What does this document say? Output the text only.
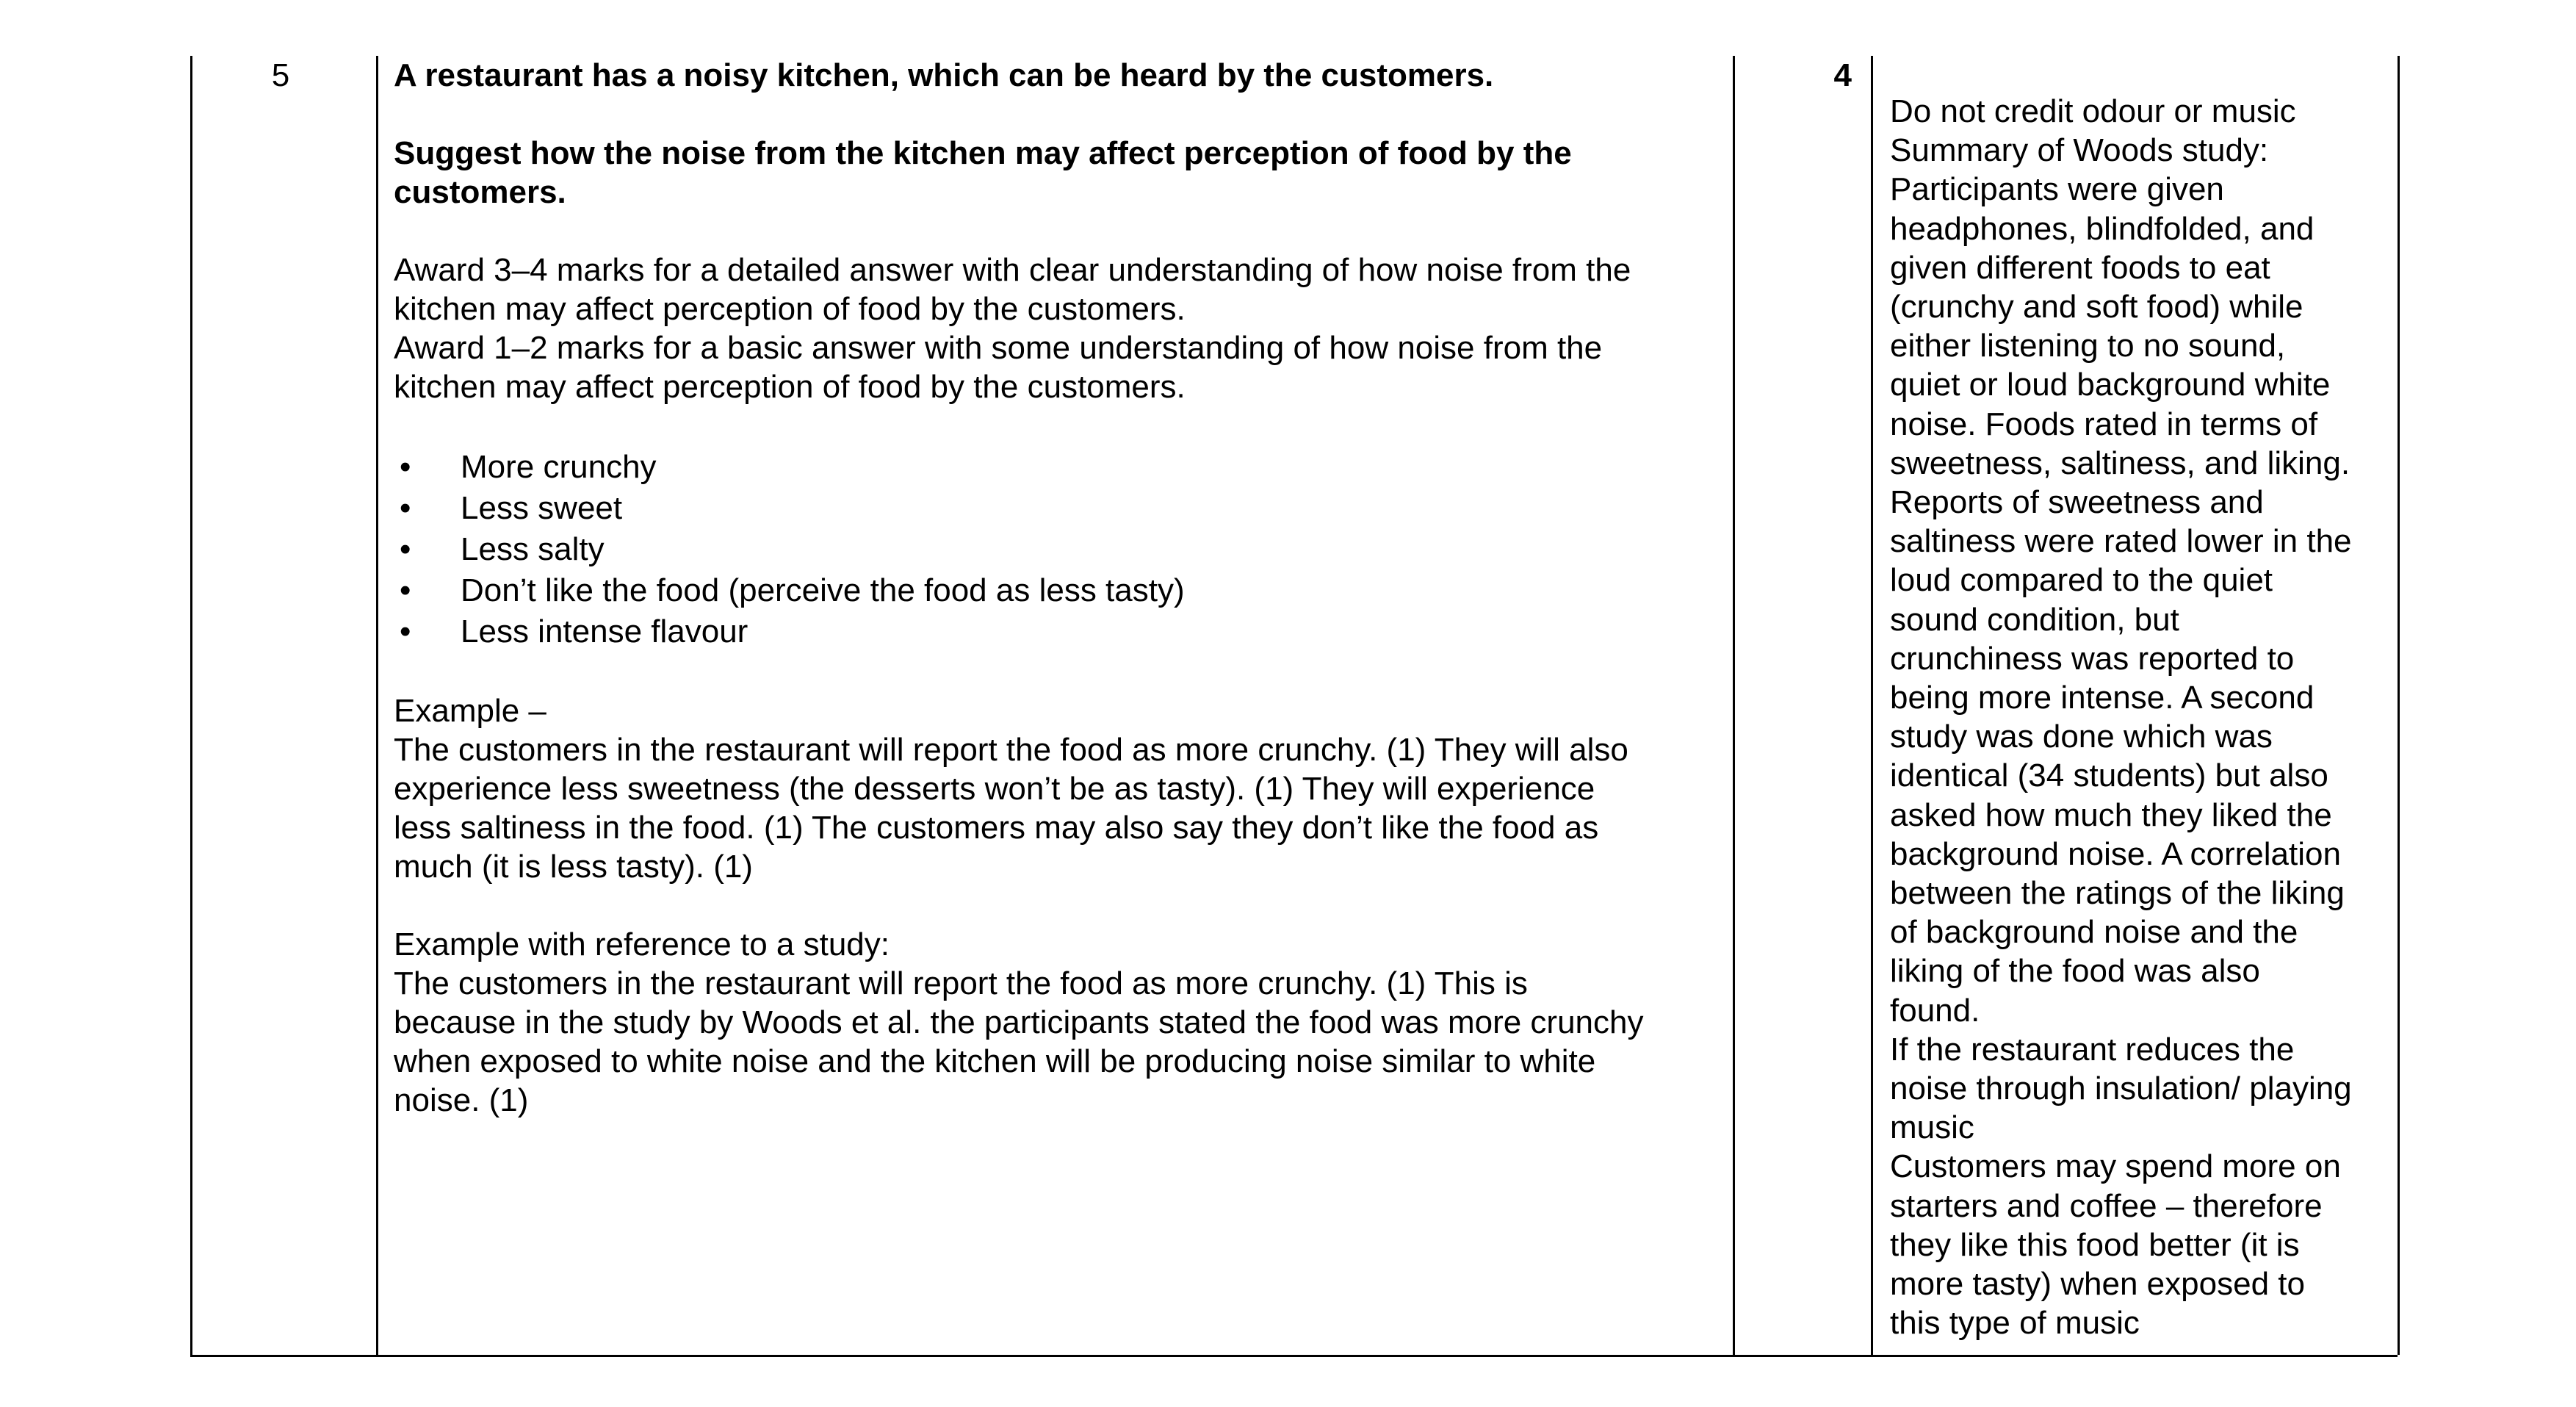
5	A restaurant has a noisy kitchen, which can be heard by the customers.

Suggest how the noise from the kitchen may affect perception of food by the

customers.

Award 3–4 marks for a detailed answer with clear understanding of how noise from the

kitchen may affect perception of food by the customers.

Award 1–2 marks for a basic answer with some understanding of how noise from the

kitchen may affect perception of food by the customers.

• More crunchy
• Less sweet
• Less salty
• Don’t like the food (perceive the food as less tasty)
• Less intense flavour

Example –

The customers in the restaurant will report the food as more crunchy. (1) They will also

experience less sweetness (the desserts won’t be as tasty). (1) They will experience

less saltiness in the food. (1) The customers may also say they don’t like the food as

much (it is less tasty). (1)

Example with reference to a study:

The customers in the restaurant will report the food as more crunchy. (1) This is

because in the study by Woods et al. the participants stated the food was more crunchy

when exposed to white noise and the kitchen will be producing noise similar to white

noise. (1)

4

Do not credit odour or music

Summary of Woods study:

Participants were given

headphones, blindfolded, and

given different foods to eat

(crunchy and soft food) while

either listening to no sound,

quiet or loud background white

noise. Foods rated in terms of

sweetness, saltiness, and liking.

Reports of sweetness and

saltiness were rated lower in the

loud compared to the quiet

sound condition, but

crunchiness was reported to

being more intense. A second

study was done which was

identical (34 students) but also

asked how much they liked the

background noise. A correlation

between the ratings of the liking

of background noise and the

liking of the food was also

found.

If the restaurant reduces the

noise through insulation/ playing

music

Customers may spend more on

starters and coffee – therefore

they like this food better (it is

more tasty) when exposed to

this type of music
